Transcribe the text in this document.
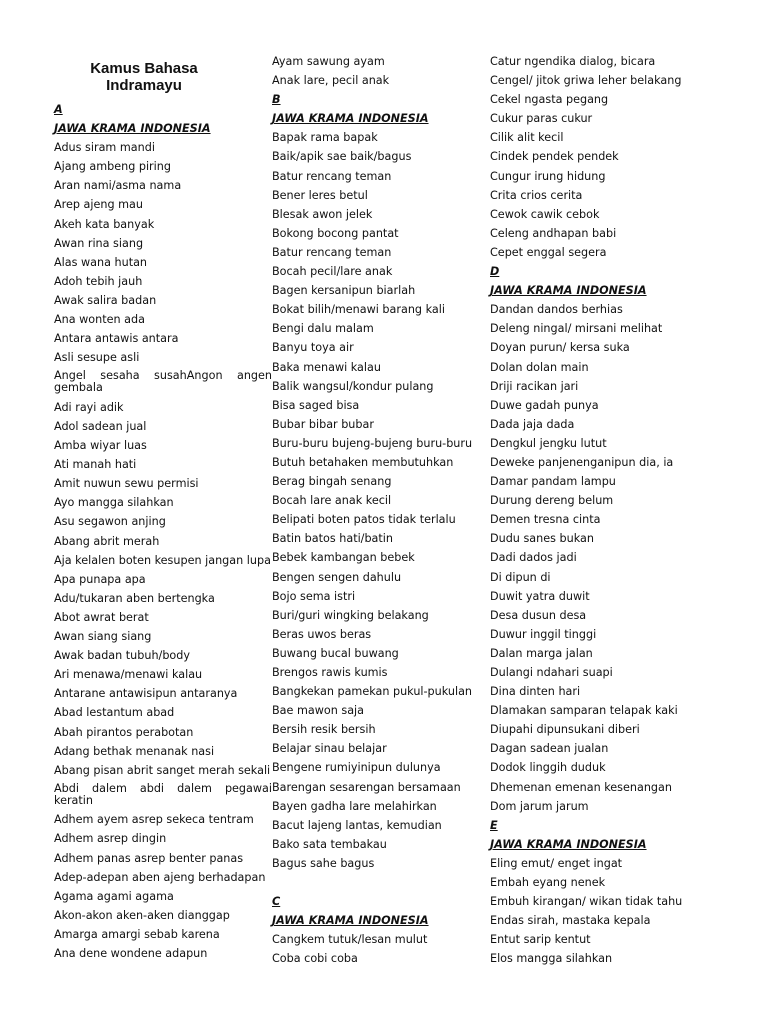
Kamus Bahasa Indramayu
A
JAWA KRAMA INDONESIA
Adus siram mandi
Ajang ambeng piring
Aran nami/asma nama
Arep ajeng mau
Akeh kata banyak
Awan rina siang
Alas wana hutan
Adoh tebih jauh
Awak salira badan
Ana wonten ada
Antara antawis antara
Asli sesupe asli
Angel sesaha susahAngon angen gembala
Adi rayi adik
Adol sadean jual
Amba wiyar luas
Ati manah hati
Amit nuwun sewu permisi
Ayo mangga silahkan
Asu segawon anjing
Abang abrit merah
Aja kelalen boten kesupen jangan lupa
Apa punapa apa
Adu/tukaran aben bertengka
Abot awrat berat
Awan siang siang
Awak badan tubuh/body
Ari menawa/menawi kalau
Antarane antawisipun antaranya
Abad lestantum abad
Abah pirantos perabotan
Adang bethak menanak nasi
Abang pisan abrit sanget merah sekali
Abdi dalem abdi dalem pegawai keratin
Adhem ayem asrep sekeca tentram
Adhem asrep dingin
Adhem panas asrep benter panas
Adep-adepan aben ajeng berhadapan
Agama agami agama
Akon-akon aken-aken dianggap
Amarga amargi sebab karena
Ana dene wondene adapun
Ayam sawung ayam
Anak lare, pecil anak
B
JAWA KRAMA INDONESIA
Bapak rama bapak
Baik/apik sae baik/bagus
Batur rencang teman
Bener leres betul
Blesak awon jelek
Bokong bocong pantat
Batur rencang teman
Bocah pecil/lare anak
Bagen kersanipun biarlah
Bokat bilih/menawi barang kali
Bengi dalu malam
Banyu toya air
Baka menawi kalau
Balik wangsul/kondur pulang
Bisa saged bisa
Bubar bibar bubar
Buru-buru bujeng-bujeng buru-buru
Butuh betahaken membutuhkan
Berag bingah senang
Bocah lare anak kecil
Belipati boten patos tidak terlalu
Batin batos hati/batin
Bebek kambangan bebek
Bengen sengen dahulu
Bojo sema istri
Buri/guri wingking belakang
Beras uwos beras
Buwang bucal buwang
Brengos rawis kumis
Bangkekan pamekan pukul-pukulan
Bae mawon saja
Bersih resik bersih
Belajar sinau belajar
Bengene rumiyinipun dulunya
Barengan sesarengan bersamaan
Bayen gadha lare melahirkan
Bacut lajeng lantas, kemudian
Bako sata tembakau
Bagus sahe bagus
C
JAWA KRAMA INDONESIA
Cangkem tutuk/lesan mulut
Coba cobi coba
Catur ngendika dialog, bicara
Cengel/ jitok griwa leher belakang
Cekel ngasta pegang
Cukur paras cukur
Cilik alit kecil
Cindek pendek pendek
Cungur irung hidung
Crita crios cerita
Cewok cawik cebok
Celeng andhapan babi
Cepet enggal segera
D
JAWA KRAMA INDONESIA
Dandan dandos berhias
Deleng ningal/ mirsani melihat
Doyan purun/ kersa suka
Dolan dolan main
Driji racikan jari
Duwe gadah punya
Dada jaja dada
Dengkul jengku lutut
Deweke panjenenganipun dia, ia
Damar pandam lampu
Durung dereng belum
Demen tresna cinta
Dudu sanes bukan
Dadi dados jadi
Di dipun di
Duwit yatra duwit
Desa dusun desa
Duwur inggil tinggi
Dalan marga jalan
Dulangi ndahari suapi
Dina dinten hari
Dlamakan samparan telapak kaki
Diupahi dipunsukani diberi
Dagan sadean jualan
Dodok linggih duduk
Dhemenan emenan kesenangan
Dom jarum jarum
E
JAWA KRAMA INDONESIA
Eling emut/ enget ingat
Embah eyang nenek
Embuh kirangan/ wikan tidak tahu
Endas sirah, mastaka kepala
Entut sarip kentut
Elos mangga silahkan
